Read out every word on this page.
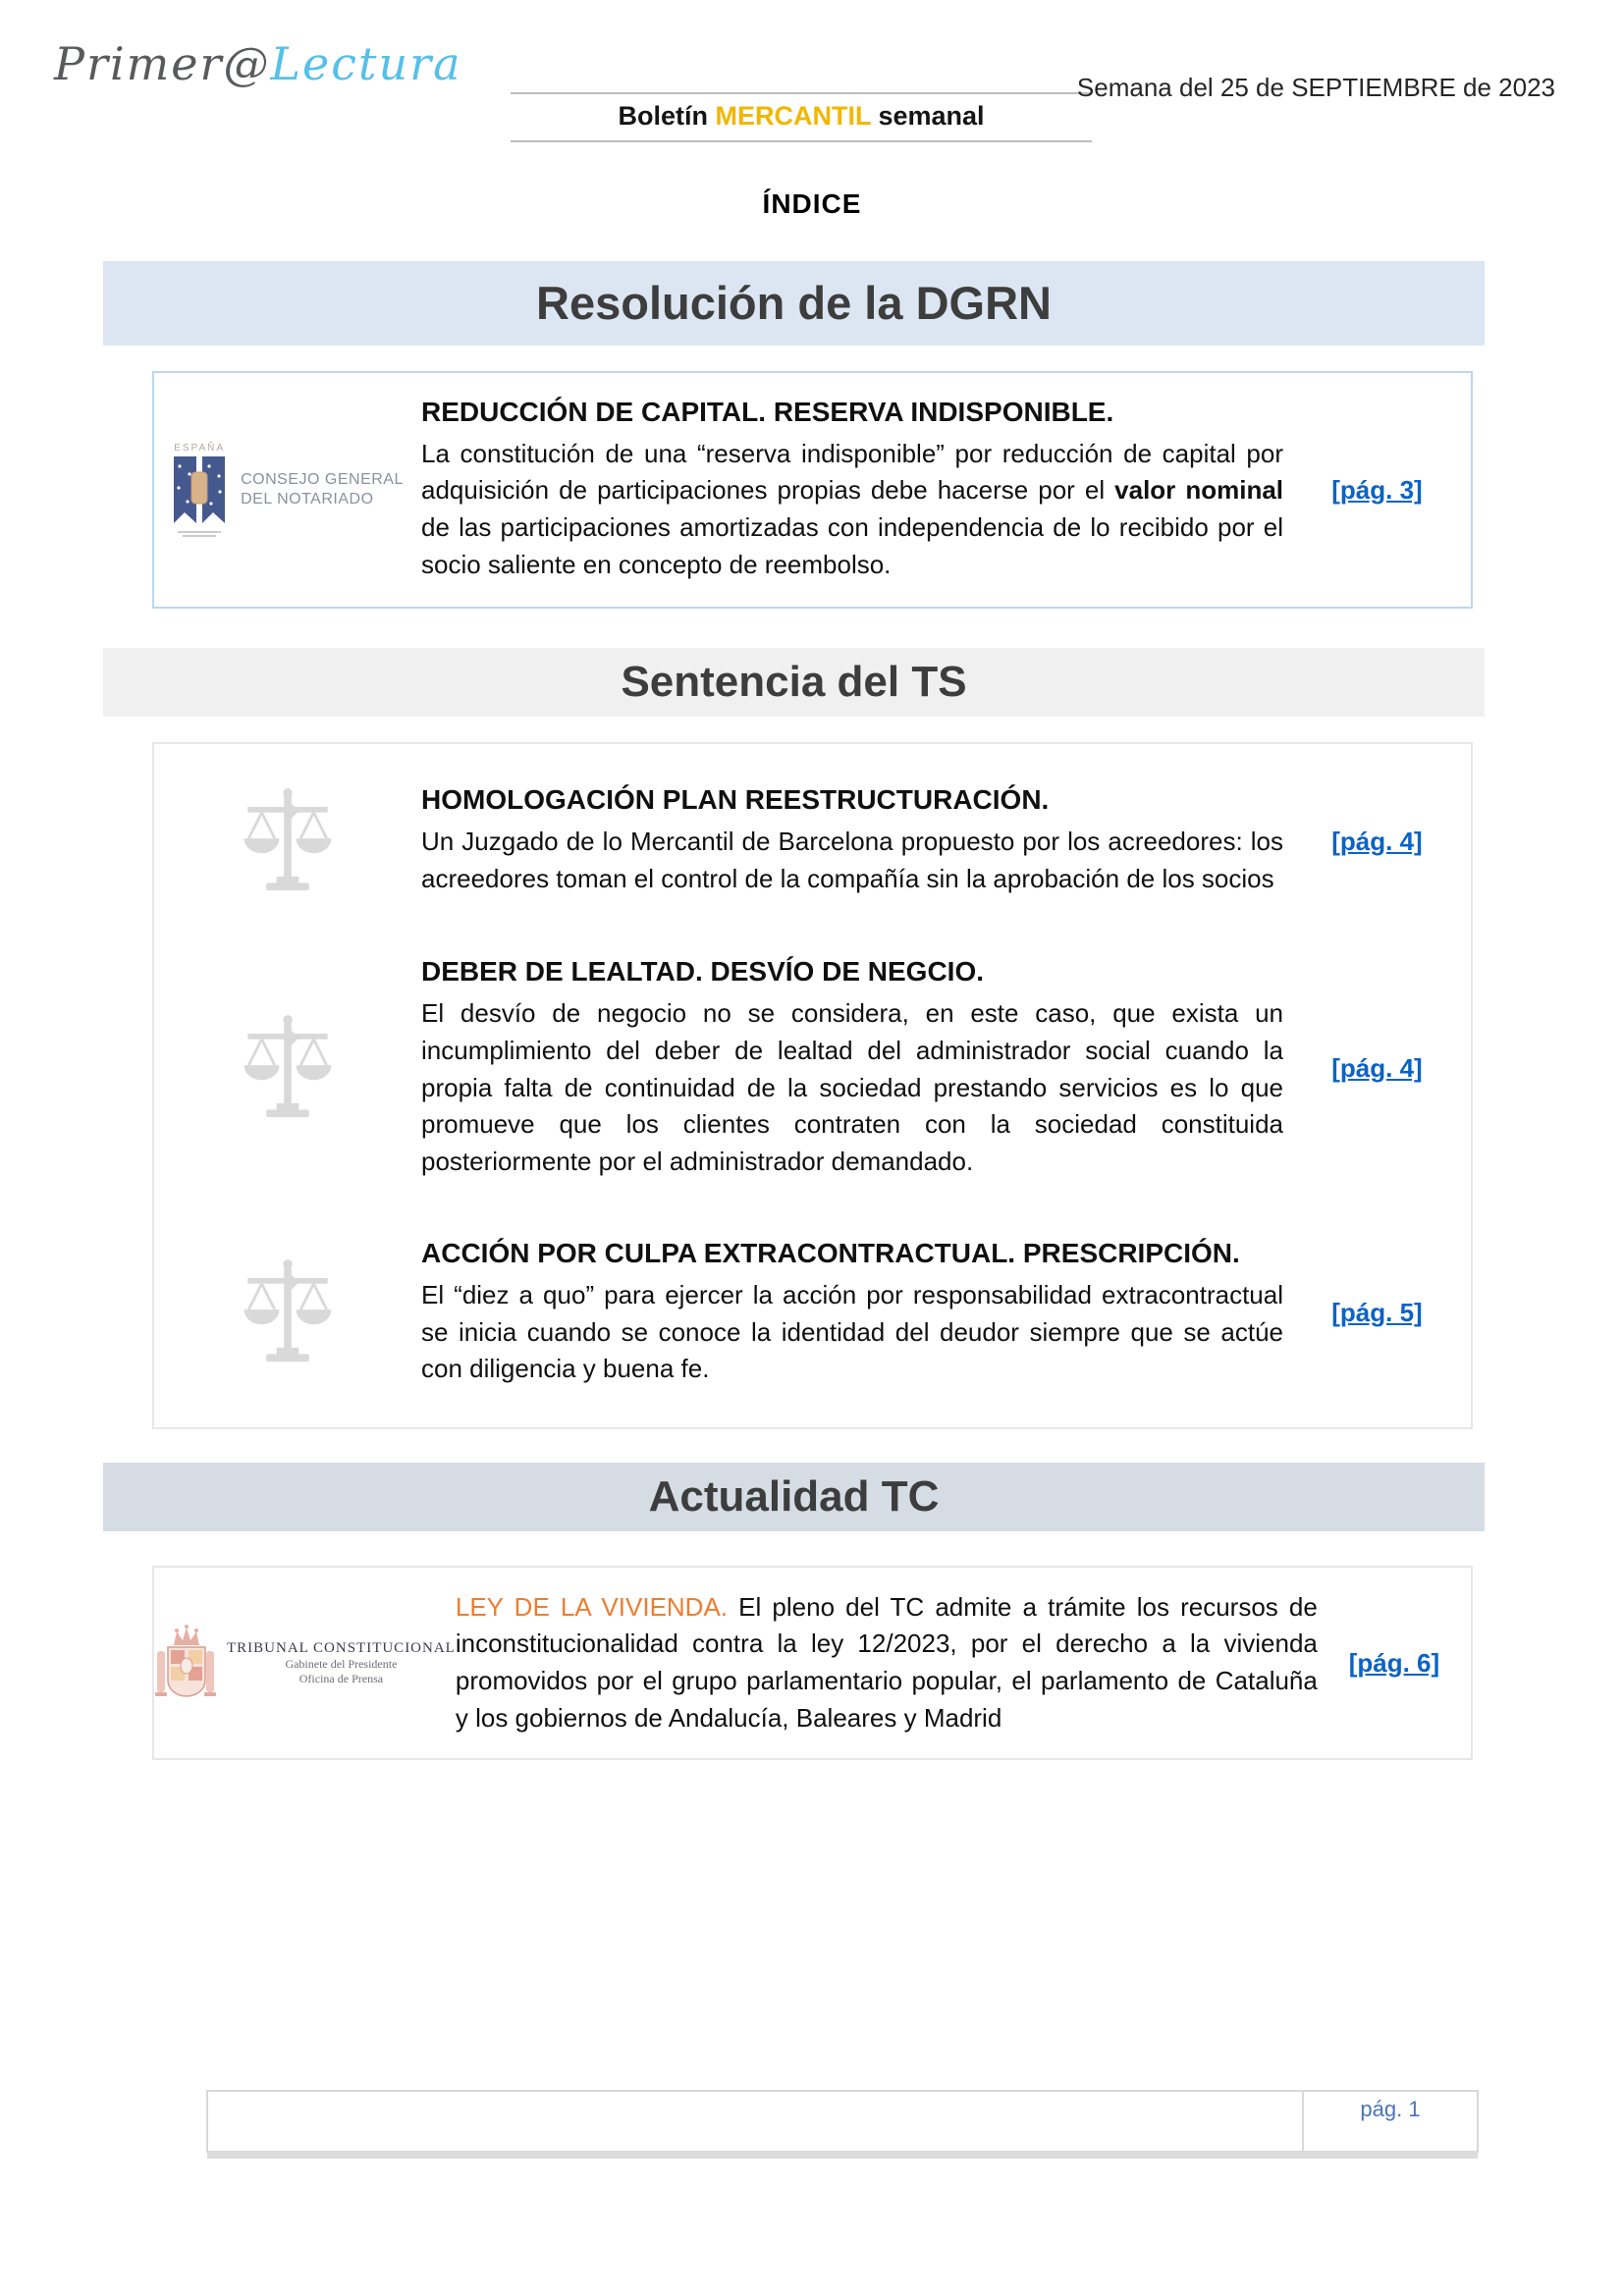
Primer@Lectura
Boletín MERCANTIL semanal
Semana del 25 de SEPTIEMBRE de 2023
ÍNDICE
Resolución de la DGRN
ESPAÑA
CONSEJO GENERAL
DEL NOTARIADO

REDUCCIÓN DE CAPITAL. RESERVA INDISPONIBLE.

La constitución de una “reserva indisponible” por reducción de capital por adquisición de participaciones propias debe hacerse por el valor nominal de las participaciones amortizadas con independencia de lo recibido por el socio saliente en concepto de reembolso.

[pág. 3]
Sentencia del TS

HOMOLOGACIÓN PLAN REESTRUCTURACIÓN.

Un Juzgado de lo Mercantil de Barcelona propuesto por los acreedores: los acreedores toman el control de la compañía sin la aprobación de los socios

[pág. 4]

DEBER DE LEALTAD. DESVÍO DE NEGCIO.

El desvío de negocio no se considera, en este caso, que exista un incumplimiento del deber de lealtad del administrador social cuando la propia falta de continuidad de la sociedad prestando servicios es lo que promueve que los clientes contraten con la sociedad constituida posteriormente por el administrador demandado.

[pág. 4]

ACCIÓN POR CULPA EXTRACONTRACTUAL. PRESCRIPCIÓN.

El “diez a quo” para ejercer la acción por responsabilidad extracontractual se inicia cuando se conoce la identidad del deudor siempre que se actúe con diligencia y buena fe.

[pág. 5]
Actualidad TC
TRIBUNAL CONSTITUCIONAL
Gabinete del Presidente
Oficina de Prensa

LEY DE LA VIVIENDA. El pleno del TC admite a trámite los recursos de inconstitucionalidad contra la ley 12/2023, por el derecho a la vivienda promovidos por el grupo parlamentario popular, el parlamento de Cataluña y los gobiernos de Andalucía, Baleares y Madrid

[pág. 6]
pág. 1
